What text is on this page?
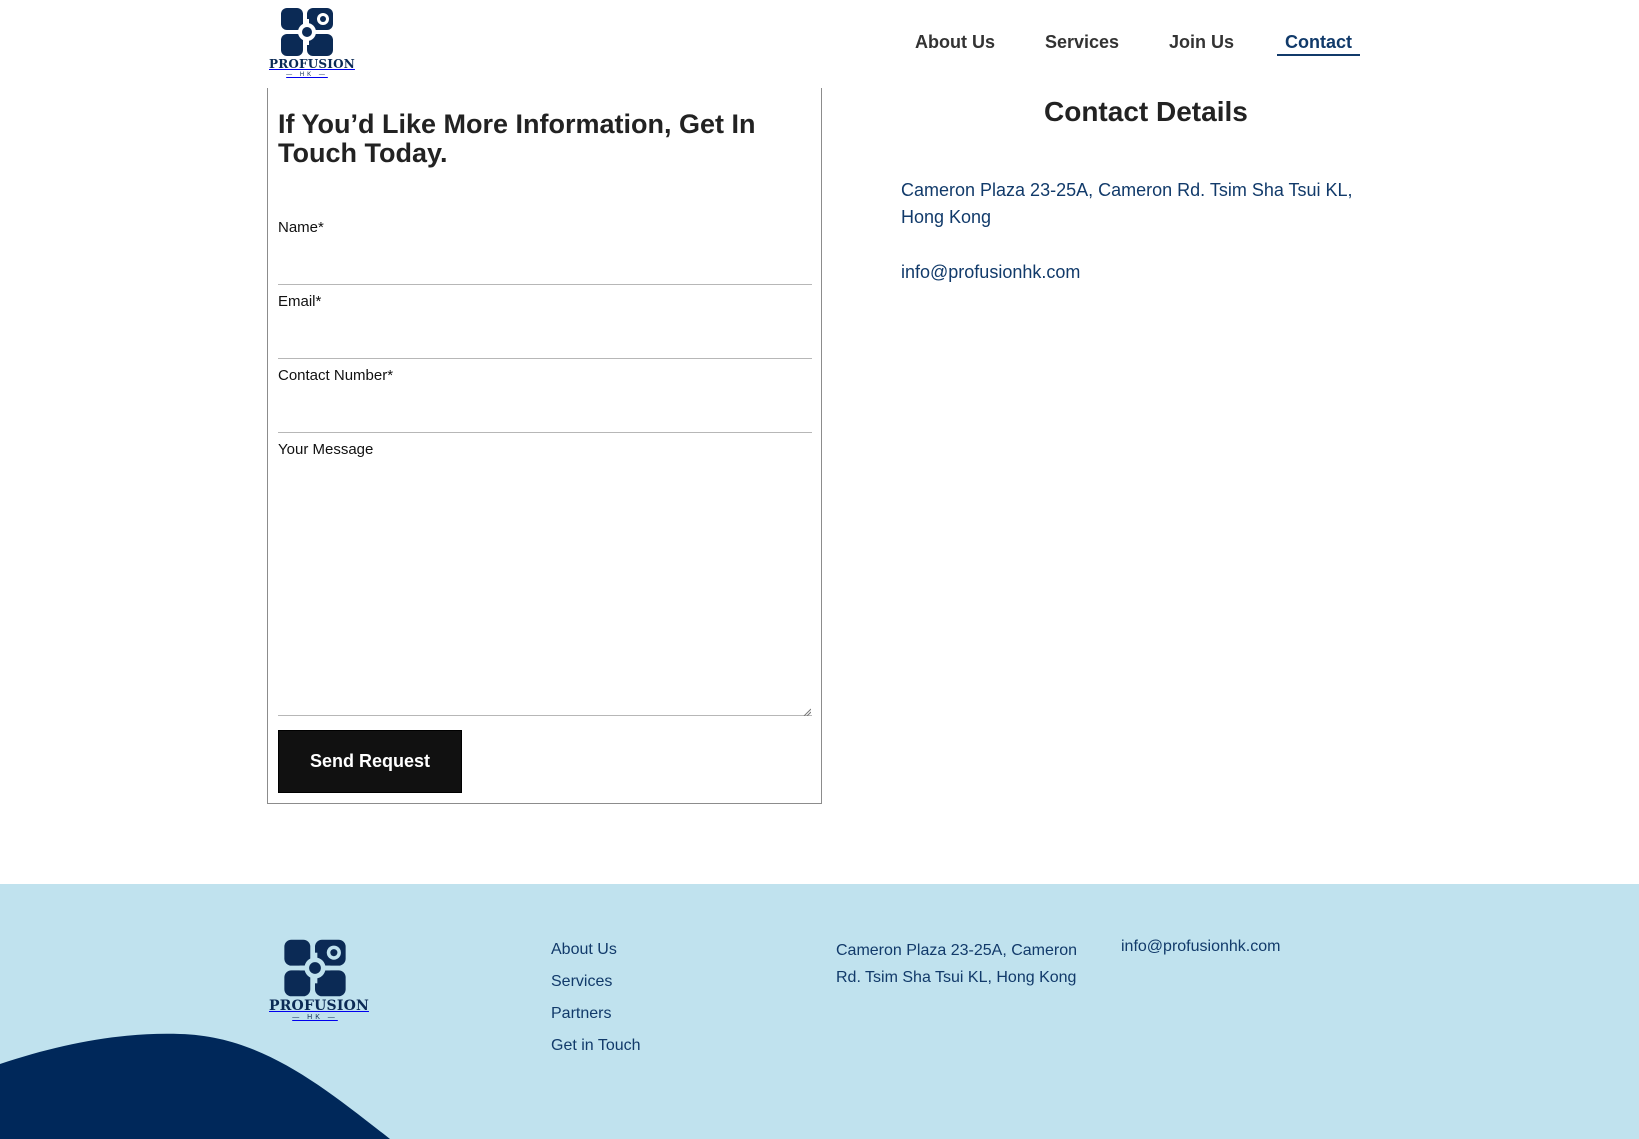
PROFUSION
— HK —
About Us	Services	Join Us	Contact
If You’d Like More Information, Get In Touch Today.
Name*
Email*
Contact Number*
Your Message
Send Request
Contact Details

Cameron Plaza 23-25A, Cameron Rd. Tsim Sha Tsui KL, Hong Kong

info@profusionhk.com
PROFUSION
— HK —
About Us
Services
Partners
Get in Touch

Cameron Plaza 23-25A, Cameron Rd. Tsim Sha Tsui KL, Hong Kong

info@profusionhk.com
